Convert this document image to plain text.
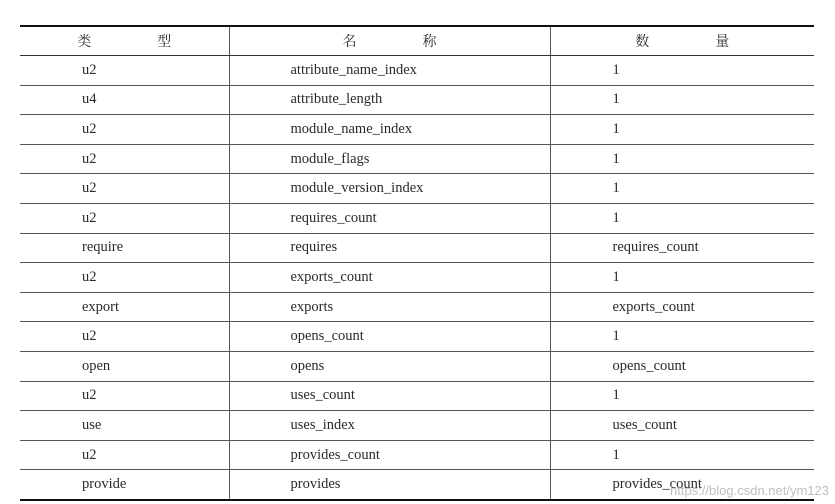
类　型	名　称	数　量
u2	attribute_name_index	1
u4	attribute_length	1
u2	module_name_index	1
u2	module_flags	1
u2	module_version_index	1
u2	requires_count	1
require	requires	requires_count
u2	exports_count	1
export	exports	exports_count
u2	opens_count	1
open	opens	opens_count
u2	uses_count	1
use	uses_index	uses_count
u2	provides_count	1
provide	provides	provides_count
https://blog.csdn.net/ym123
